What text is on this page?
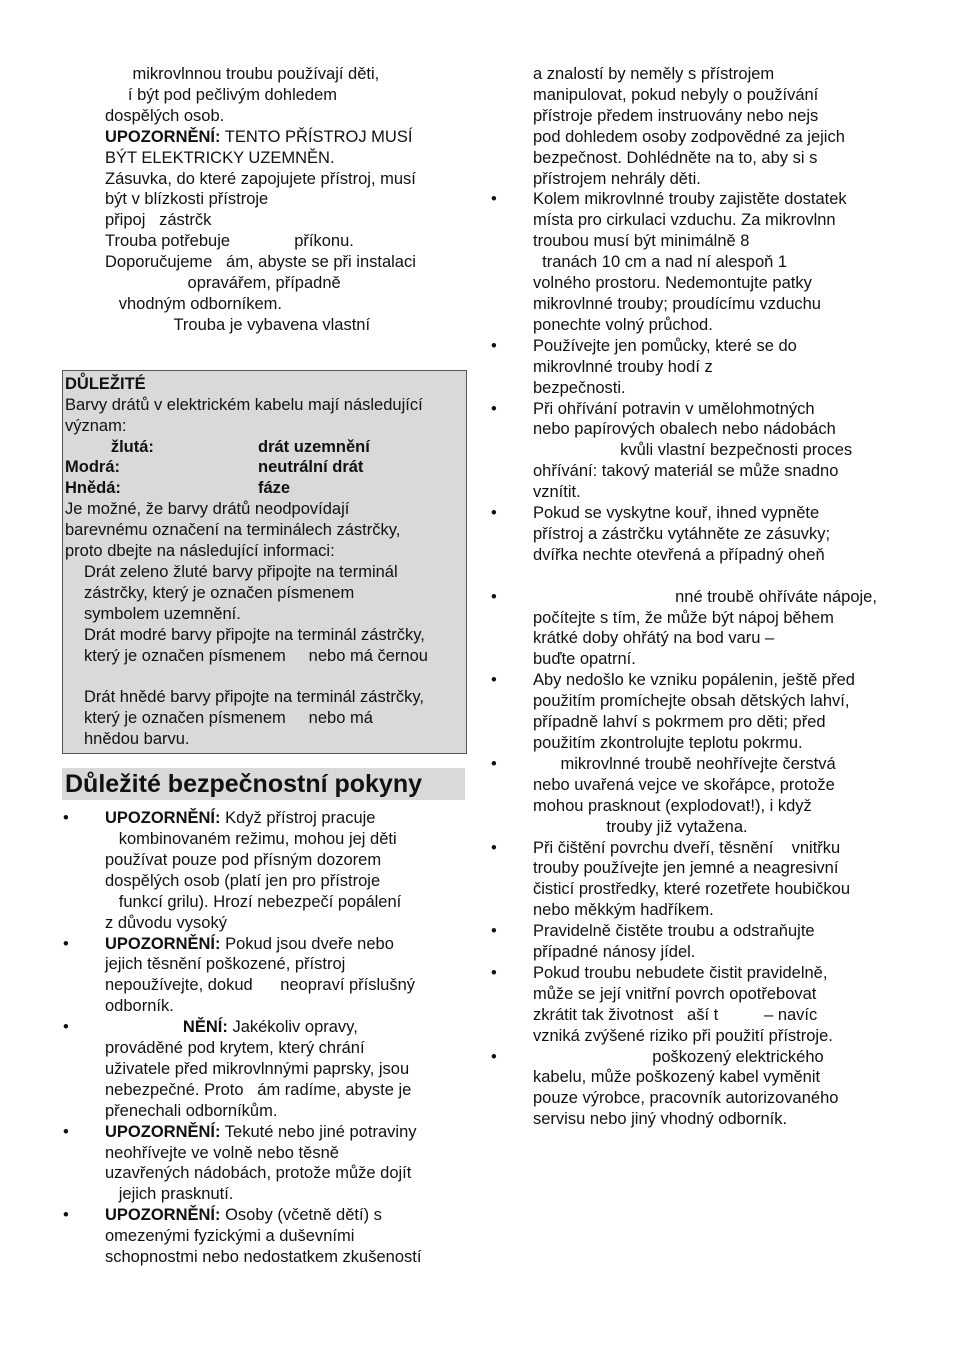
mikrovlnnou troubu používají děti,
í být pod pečlivým dohledem
dospělých osob.
UPOZORNĚNÍ: TENTO PŘÍSTROJ MUSÍ
BÝT ELEKTRICKY UZEMNĚN.
Zásuvka, do které zapojujete přístroj, musí
být v blízkosti přístroje
připoj   zástrčk
Trouba potřebuje              příkonu.
Doporučujeme   ám, abyste se při instalaci
opravářem, případně
vhodným odborníkem.
Trouba je vybavena vlastní
DŮLEŽITÉ
Barvy drátů v elektrickém kabelu mají následující
význam:
žlutá:	drát uzemnění
Modrá:	neutrální drát
Hnědá:	fáze
Je možné, že barvy drátů neodpovídají
barevnému označení na terminálech zástrčky,
proto dbejte na následující informaci:
Drát zeleno žluté barvy připojte na terminál
zástrčky, který je označen písmenem
symbolem uzemnění.
Drát modré barvy připojte na terminál zástrčky,
který je označen písmenem     nebo má černou
Drát hnědé barvy připojte na terminál zástrčky,
který je označen písmenem     nebo má
hnědou barvu.
Důležité bezpečnostní pokyny
• UPOZORNĚNÍ: Když přístroj pracuje
kombinovaném režimu, mohou jej děti
používat pouze pod přísným dozorem
dospělých osob (platí jen pro přístroje
funkcí grilu). Hrozí nebezpečí popálení
z důvodu vysoký
• UPOZORNĚNÍ: Pokud jsou dveře nebo
jejich těsnění poškozené, přístroj
nepoužívejte, dokud      neopraví příslušný
odborník.
• NĚNÍ: Jakékoliv opravy,
prováděné pod krytem, který chrání
uživatele před mikrovlnnými paprsky, jsou
nebezpečné. Proto   ám radíme, abyste je
přenechali odborníkům.
• UPOZORNĚNÍ: Tekuté nebo jiné potraviny
neohřívejte ve volně nebo těsně
uzavřených nádobách, protože může dojít
jejich prasknutí.
• UPOZORNĚNÍ: Osoby (včetně dětí) s
omezenými fyzickými a duševními
schopnostmi nebo nedostatkem zkušeností
a znalostí by neměly s přístrojem
manipulovat, pokud nebyly o používání
přístroje předem instruovány nebo nejs
pod dohledem osoby zodpovědné za jejich
bezpečnost. Dohlédněte na to, aby si s
přístrojem nehrály děti.
• Kolem mikrovlnné trouby zajistěte dostatek
místa pro cirkulaci vzduchu. Za mikrovlnn
troubou musí být minimálně 8
tranách 10 cm a nad ní alespoň 1
volného prostoru. Nedemontujte patky
mikrovlnné trouby; proudícímu vzduchu
ponechte volný průchod.
• Používejte jen pomůcky, které se do
mikrovlnné trouby hodí z
bezpečnosti.
• Při ohřívání potravin v umělohmotných
nebo papírových obalech nebo nádobách
kvůli vlastní bezpečnosti proces
ohřívání: takový materiál se může snadno
vznítit.
• Pokud se vyskytne kouř, ihned vypněte
přístroj a zástrčku vytáhněte ze zásuvky;
dvířka nechte otevřená a případný oheň
• nné troubě ohříváte nápoje,
počítejte s tím, že může být nápoj během
krátké doby ohřátý na bod varu –
buďte opatrní.
• Aby nedošlo ke vzniku popálenin, ještě před
použitím promíchejte obsah dětských lahví,
případně lahví s pokrmem pro děti; před
použitím zkontrolujte teplotu pokrmu.
• mikrovlnné troubě neohřívejte čerstvá
nebo uvařená vejce ve skořápce, protože
mohou prasknout (explodovat!), i když
trouby již vytažena.
• Při čištění povrchu dveří, těsnění    vnitřku
trouby používejte jen jemné a neagresivní
čisticí prostředky, které rozetřete houbičkou
nebo měkkým hadříkem.
• Pravidelně čistěte troubu a odstraňujte
případné nánosy jídel.
• Pokud troubu nebudete čistit pravidelně,
může se její vnitřní povrch opotřebovat
zkrátit tak životnost   aší t          – navíc
vzniká zvýšené riziko při použití přístroje.
• poškozený elektrického
kabelu, může poškozený kabel vyměnit
pouze výrobce, pracovník autorizovaného
servisu nebo jiný vhodný odborník.
